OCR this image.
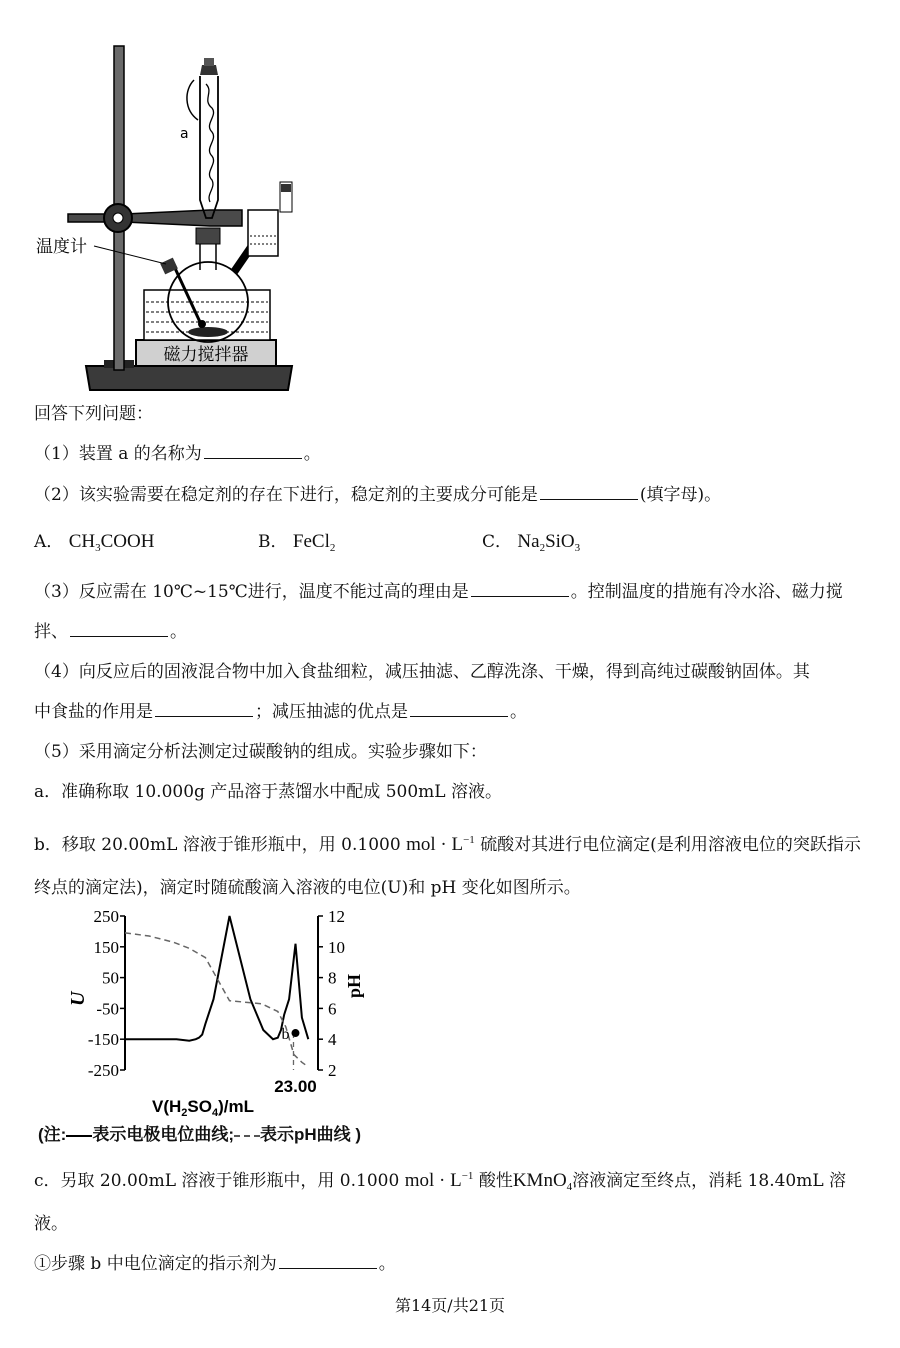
磁力搅拌器
a
温度计
回答下列问题：
（1）装置 a 的名称为	。
（2）该实验需要在稳定剂的存在下进行，稳定剂的主要成分可能是	(填字母)。
A． $CH_3COOH$	B． FeCl$_2$	C． $Na_2SiO_3$
（3）反应需在 10℃~15℃进行，温度不能过高的理由是	。控制温度的措施有冷水浴、磁力搅
拌、	。
（4）向反应后的固液混合物中加入食盐细粒，减压抽滤、乙醇洗涤、干燥，得到高纯过碳酸钠固体。其
中食盐的作用是	；减压抽滤的优点是	。
（5）采用滴定分析法测定过碳酸钠的组成。实验步骤如下：
a．准确称取 10.000g 产品溶于蒸馏水中配成 500mL 溶液。
b．移取 20.00mL 溶液于锥形瓶中，用 0.1000 mol · $L^{-1}$ 硫酸对其进行电位滴定(是利用溶液电位的突跃指示
终点的滴定法)，滴定时随硫酸滴入溶液的电位(U)和 pH 变化如图所示。
250
150
50
-50
-150
-250
12
10
8
6
4
2
b
23.00
U
pH
$V(H_2SO_4)/mL$
(注: 表示电极电位曲线; 表示pH曲线 )
c．另取 20.00mL 溶液于锥形瓶中，用 0.1000 mol · $L^{-1}$ 酸性KMnO$_4$溶液滴定至终点，消耗 18.40mL 溶
液。
①步骤 b 中电位滴定的指示剂为	。
第14页/共21页
